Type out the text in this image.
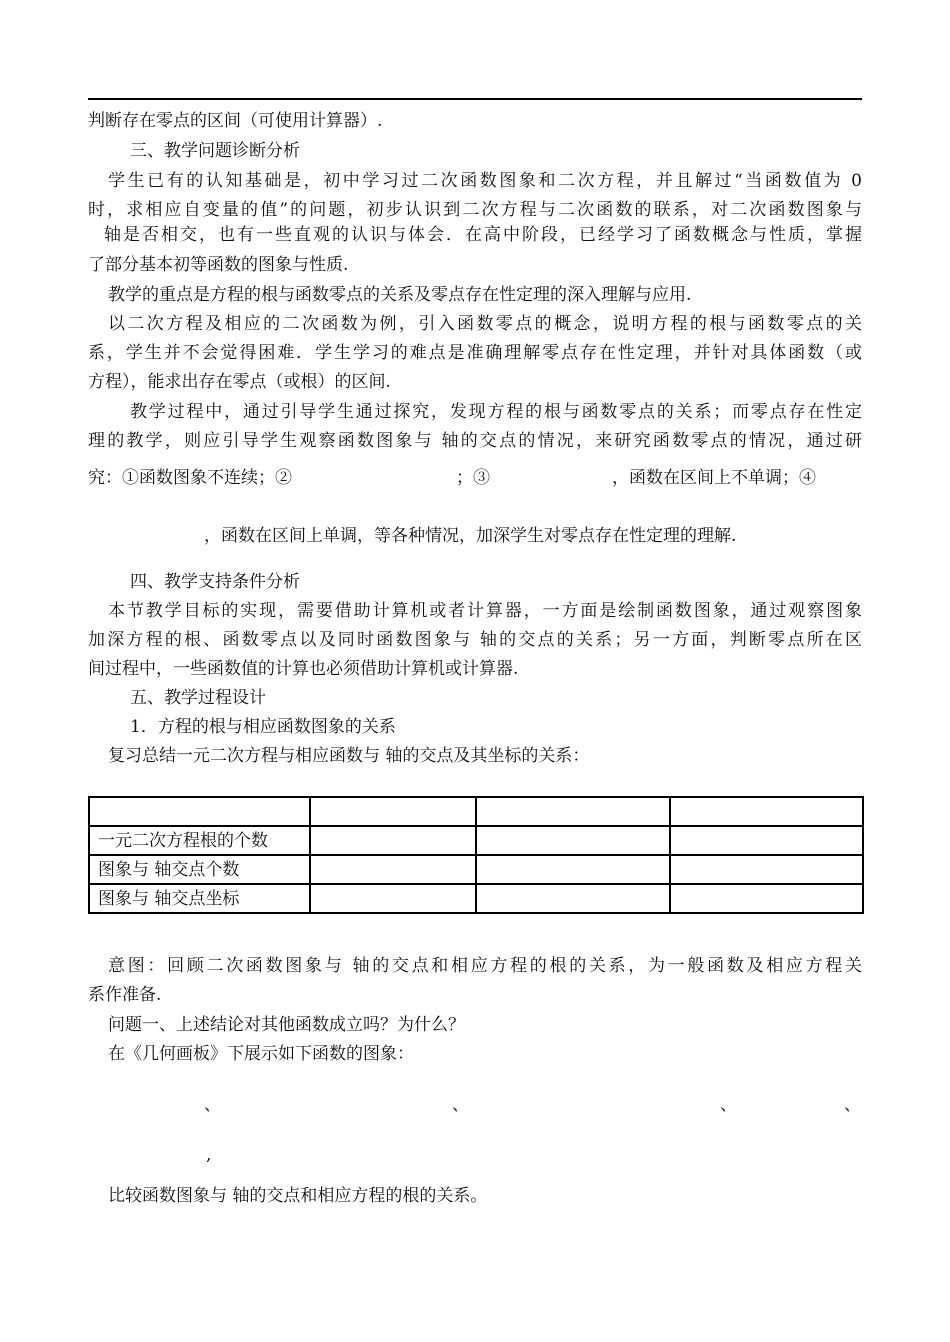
判断存在零点的区间（可使用计算器）.
三、教学问题诊断分析
学生已有的认知基础是，初中学习过二次函数图象和二次方程，并且解过“当函数值为 0
时，求相应自变量的值”的问题，初步认识到二次方程与二次函数的联系，对二次函数图象与
轴是否相交，也有一些直观的认识与体会．在高中阶段，已经学习了函数概念与性质，掌握
了部分基本初等函数的图象与性质.
教学的重点是方程的根与函数零点的关系及零点存在性定理的深入理解与应用.
以二次方程及相应的二次函数为例，引入函数零点的概念，说明方程的根与函数零点的关
系，学生并不会觉得困难．学生学习的难点是准确理解零点存在性定理，并针对具体函数（或
方程），能求出存在零点（或根）的区间.
教学过程中，通过引导学生通过探究，发现方程的根与函数零点的关系；而零点存在性定
理的教学，则应引导学生观察函数图象与 轴的交点的情况，来研究函数零点的情况，通过研
究：①函数图象不连续；②	；③	，函数在区间上不单调；④
，函数在区间上单调，等各种情况，加深学生对零点存在性定理的理解.
四、教学支持条件分析
本节教学目标的实现，需要借助计算机或者计算器，一方面是绘制函数图象，通过观察图象
加深方程的根、函数零点以及同时函数图象与 轴的交点的关系；另一方面，判断零点所在区
间过程中，一些函数值的计算也必须借助计算机或计算器.
五、教学过程设计
1．方程的根与相应函数图象的关系
复习总结一元二次方程与相应函数与 轴的交点及其坐标的关系：

一元二次方程根的个数			
图象与 轴交点个数			
图象与 轴交点坐标			
意图：回顾二次函数图象与 轴的交点和相应方程的根的关系，为一般函数及相应方程关
系作准备.
问题一、上述结论对其他函数成立吗？为什么？
在《几何画板》下展示如下函数的图象：
、	、	、	、
,
比较函数图象与 轴的交点和相应方程的根的关系。
